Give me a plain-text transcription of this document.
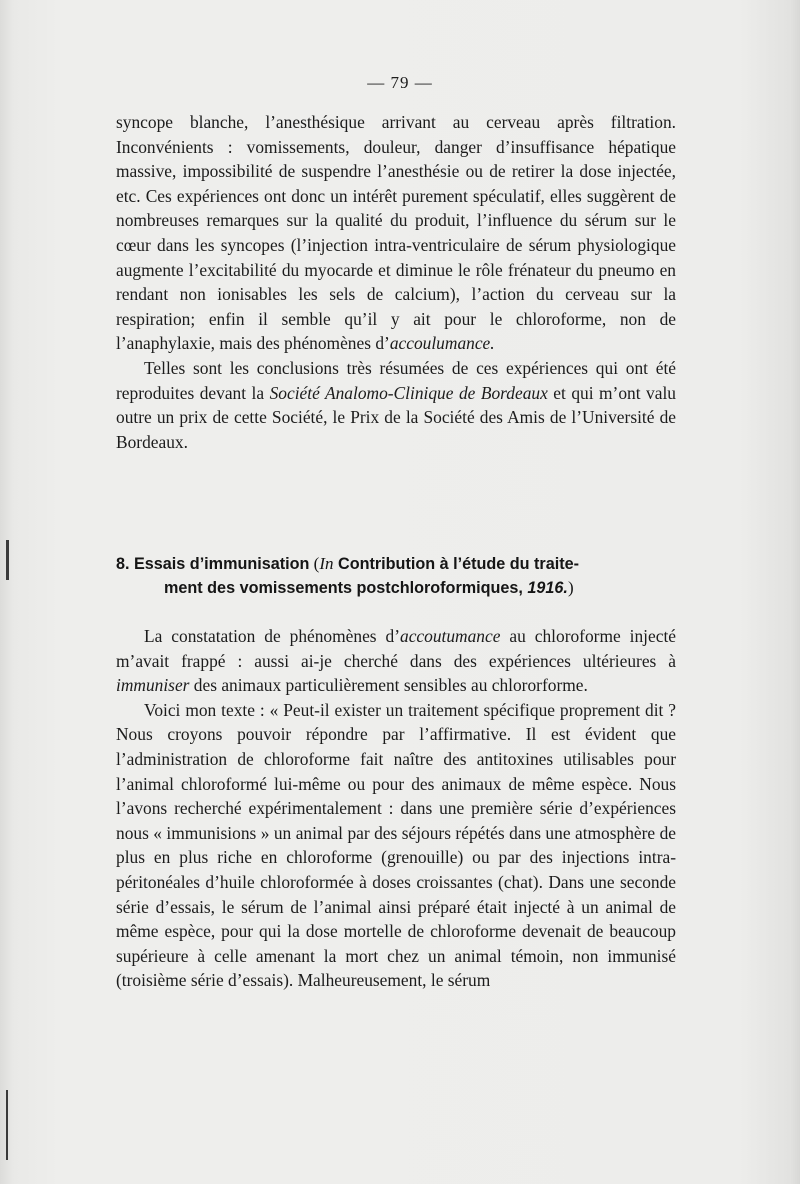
— 79 —

syncope blanche, l’anesthésique arrivant au cerveau après filtration. Inconvénients : vomissements, douleur, danger d’insuffisance hépatique massive, impossibilité de suspendre l’anesthésie ou de retirer la dose injectée, etc. Ces expériences ont donc un intérêt purement spéculatif, elles suggèrent de nombreuses remarques sur la qualité du produit, l’influence du sérum sur le cœur dans les syncopes (l’injection intra-ventriculaire de sérum physiologique augmente l’excitabilité du myocarde et diminue le rôle frénateur du pneumo en rendant non ionisables les sels de calcium), l’action du cerveau sur la respiration; enfin il semble qu’il y ait pour le chloroforme, non de l’anaphylaxie, mais des phénomènes d’accoulumance.

Telles sont les conclusions très résumées de ces expériences qui ont été reproduites devant la Société Analomo-Clinique de Bordeaux et qui m’ont valu outre un prix de cette Société, le Prix de la Société des Amis de l’Université de Bordeaux.

8. Essais d’immunisation (In Contribution à l’étude du traite-
ment des vomissements postchloroformiques, 1916.)

La constatation de phénomènes d’accoutumance au chloroforme injecté m’avait frappé : aussi ai-je cherché dans des expériences ultérieures à immuniser des animaux particulièrement sensibles au chlororforme.

Voici mon texte : « Peut-il exister un traitement spécifique proprement dit ? Nous croyons pouvoir répondre par l’affirmative. Il est évident que l’administration de chloroforme fait naître des antitoxines utilisables pour l’animal chloroformé lui-même ou pour des animaux de même espèce. Nous l’avons recherché expérimentalement : dans une première série d’expériences nous « immunisions » un animal par des séjours répétés dans une atmosphère de plus en plus riche en chloroforme (grenouille) ou par des injections intra-péritonéales d’huile chloroformée à doses croissantes (chat). Dans une seconde série d’essais, le sérum de l’animal ainsi préparé était injecté à un animal de même espèce, pour qui la dose mortelle de chloroforme devenait de beaucoup supérieure à celle amenant la mort chez un animal témoin, non immunisé (troisième série d’essais). Malheureusement, le sérum
